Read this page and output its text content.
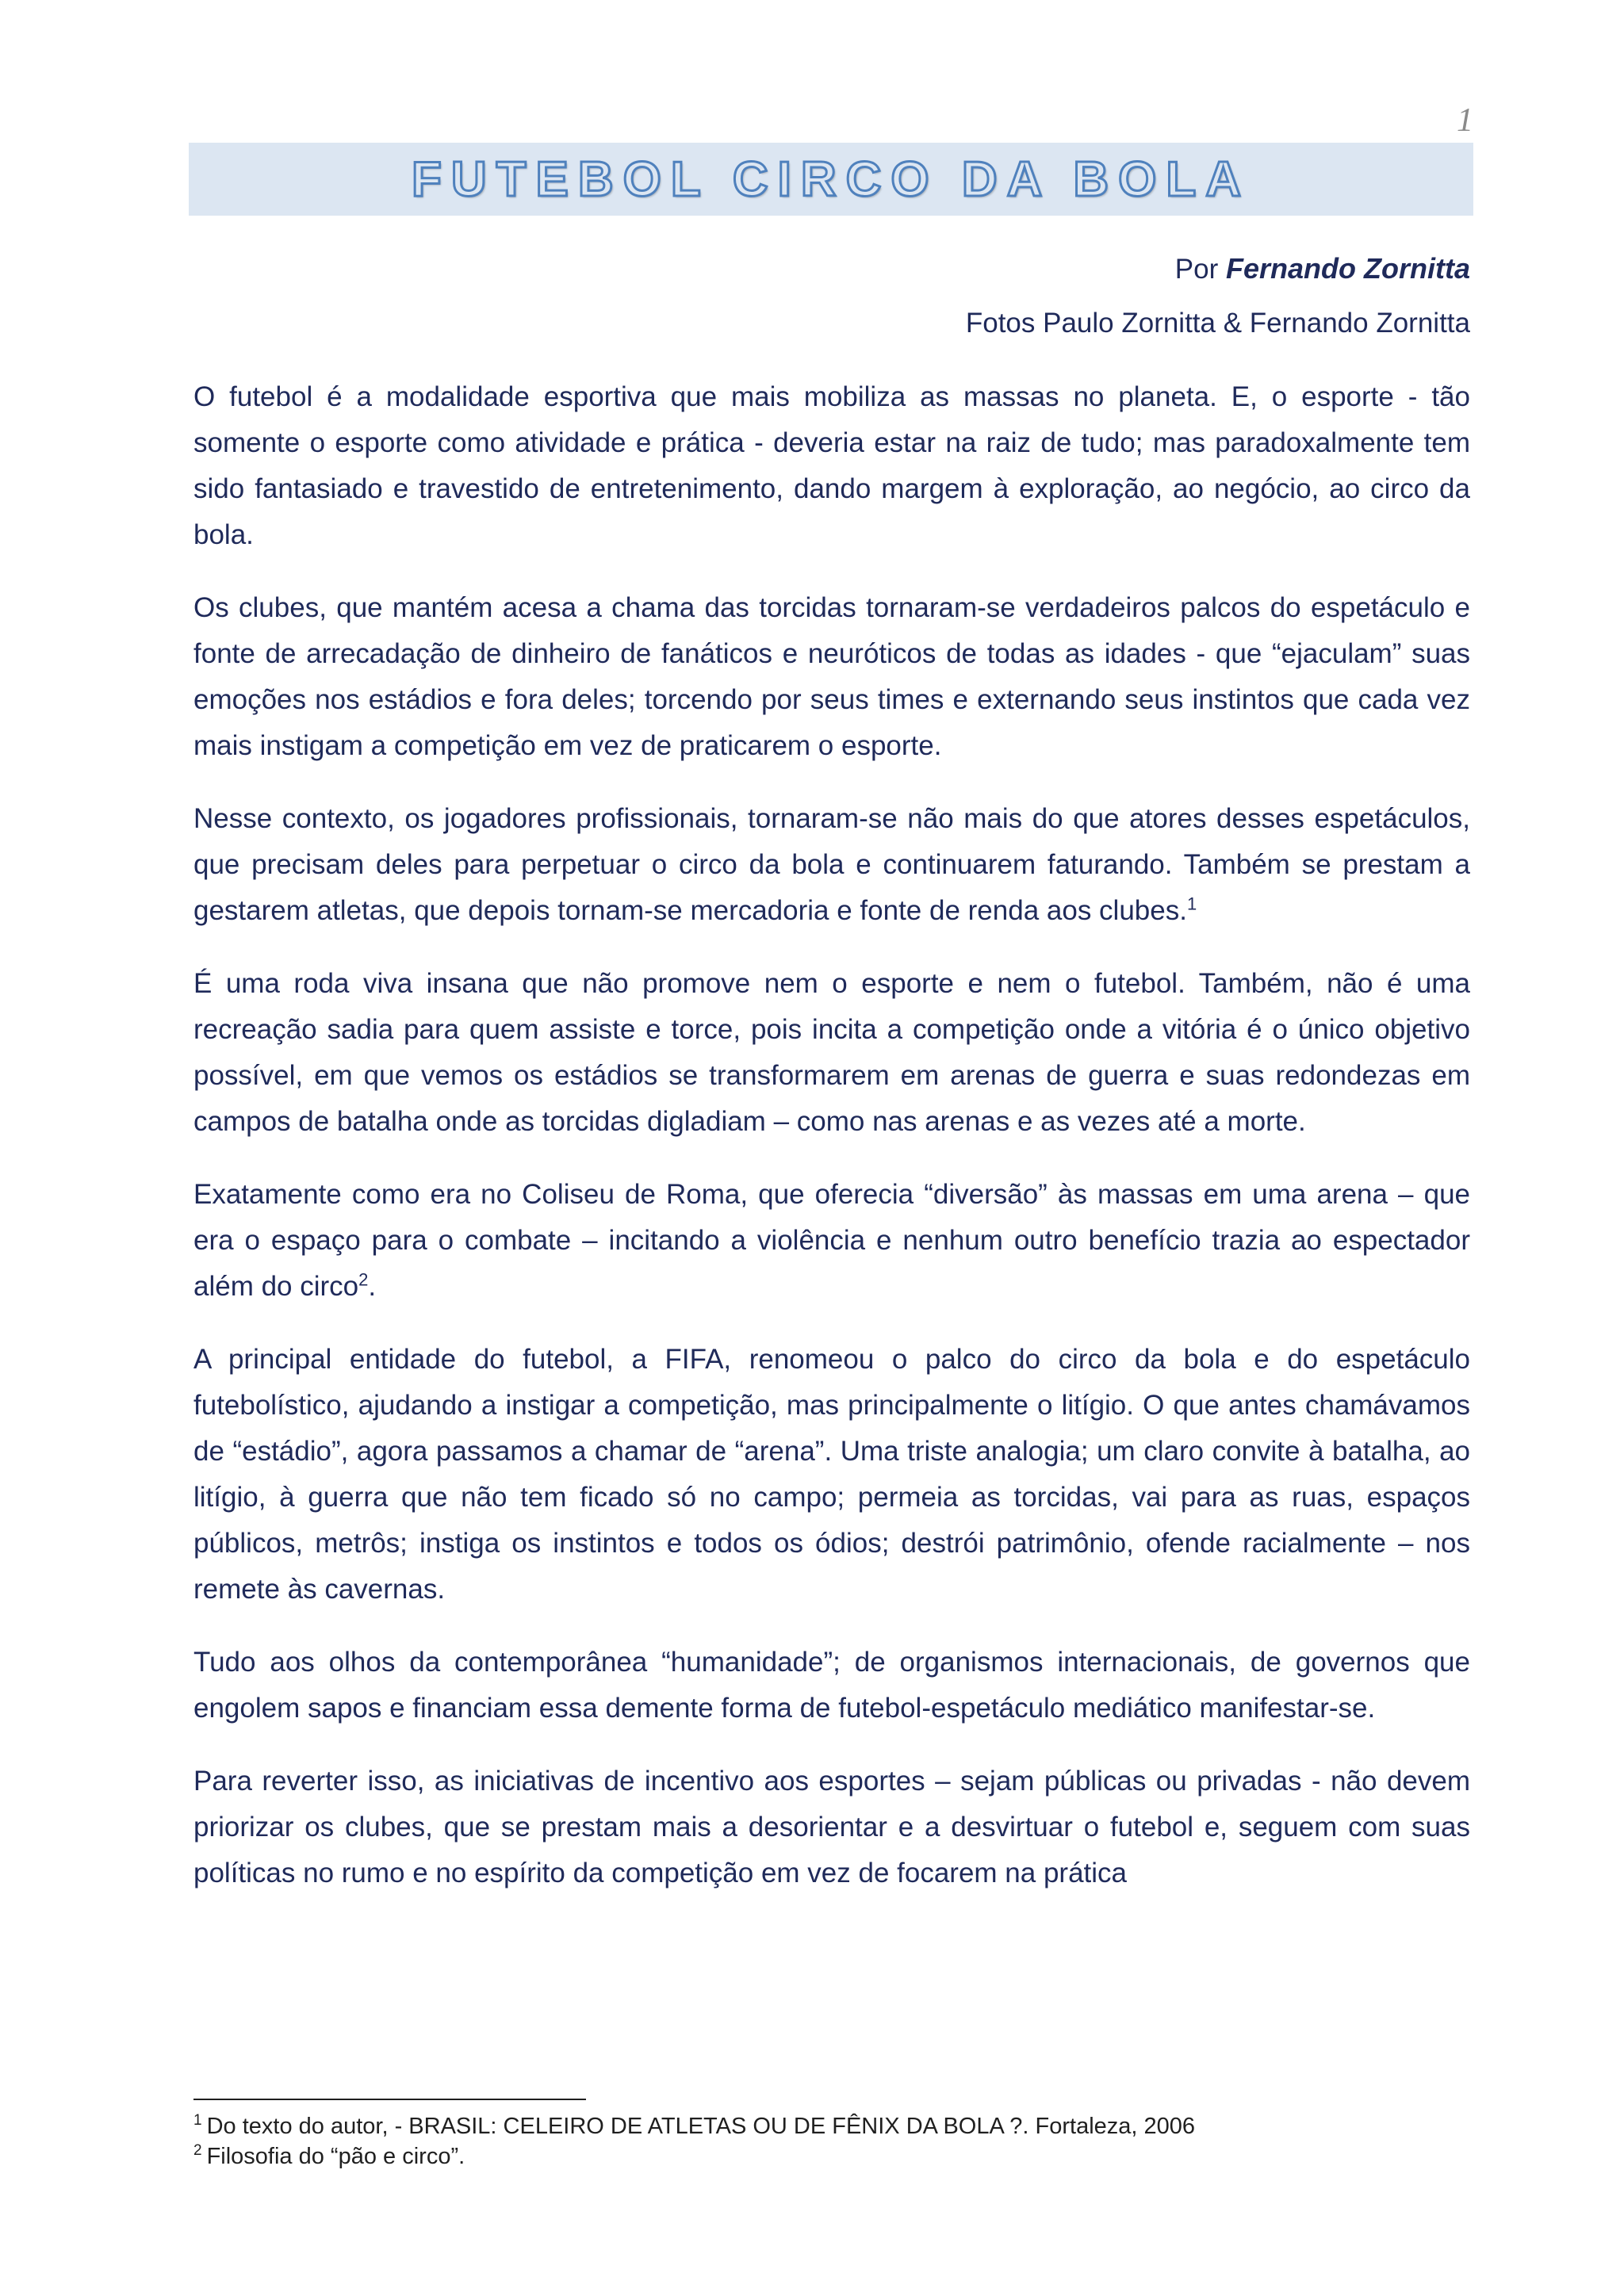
1
FUTEBOL CIRCO DA BOLA
Por Fernando Zornitta
Fotos Paulo Zornitta & Fernando Zornitta

O futebol é a modalidade esportiva que mais mobiliza as massas no planeta. E, o esporte - tão somente o esporte como atividade e prática - deveria estar na raiz de tudo; mas paradoxalmente tem sido fantasiado e travestido de entretenimento, dando margem à exploração, ao negócio, ao circo da bola.

Os clubes, que mantém acesa a chama das torcidas tornaram-se verdadeiros palcos do espetáculo e fonte de arrecadação de dinheiro de fanáticos e neuróticos de todas as idades - que “ejaculam” suas emoções nos estádios e fora deles; torcendo por seus times e externando seus instintos que cada vez mais instigam a competição em vez de praticarem o esporte.

Nesse contexto, os jogadores profissionais, tornaram-se não mais do que atores desses espetáculos, que precisam deles para perpetuar o circo da bola e continuarem faturando. Também se prestam a gestarem atletas, que depois tornam-se mercadoria e fonte de renda aos clubes.$^1$

É uma roda viva insana que não promove nem o esporte e nem o futebol. Também, não é uma recreação sadia para quem assiste e torce, pois incita a competição onde a vitória é o único objetivo possível, em que vemos os estádios se transformarem em arenas de guerra e suas redondezas em campos de batalha onde as torcidas digladiam – como nas arenas e as vezes até a morte.

Exatamente como era no Coliseu de Roma, que oferecia “diversão” às massas em uma arena – que era o espaço para o combate – incitando a violência e nenhum outro benefício trazia ao espectador além do circo$^2$.

A principal entidade do futebol, a FIFA, renomeou o palco do circo da bola e do espetáculo futebolístico, ajudando a instigar a competição, mas principalmente o litígio. O que antes chamávamos de “estádio”, agora passamos a chamar de “arena”. Uma triste analogia; um claro convite à batalha, ao litígio, à guerra que não tem ficado só no campo; permeia as torcidas, vai para as ruas, espaços públicos, metrôs; instiga os instintos e todos os ódios; destrói patrimônio, ofende racialmente – nos remete às cavernas.

Tudo aos olhos da contemporânea “humanidade”; de organismos internacionais, de governos que engolem sapos e financiam essa demente forma de futebol-espetáculo mediático manifestar-se.

Para reverter isso, as iniciativas de incentivo aos esportes – sejam públicas ou privadas - não devem priorizar os clubes, que se prestam mais a desorientar e a desvirtuar o futebol e, seguem com suas políticas no rumo e no espírito da competição em vez de focarem na prática

$^1$ Do texto do autor, - BRASIL: CELEIRO DE ATLETAS OU DE FÊNIX DA BOLA ?. Fortaleza, 2006
$^2$ Filosofia do “pão e circo”.
